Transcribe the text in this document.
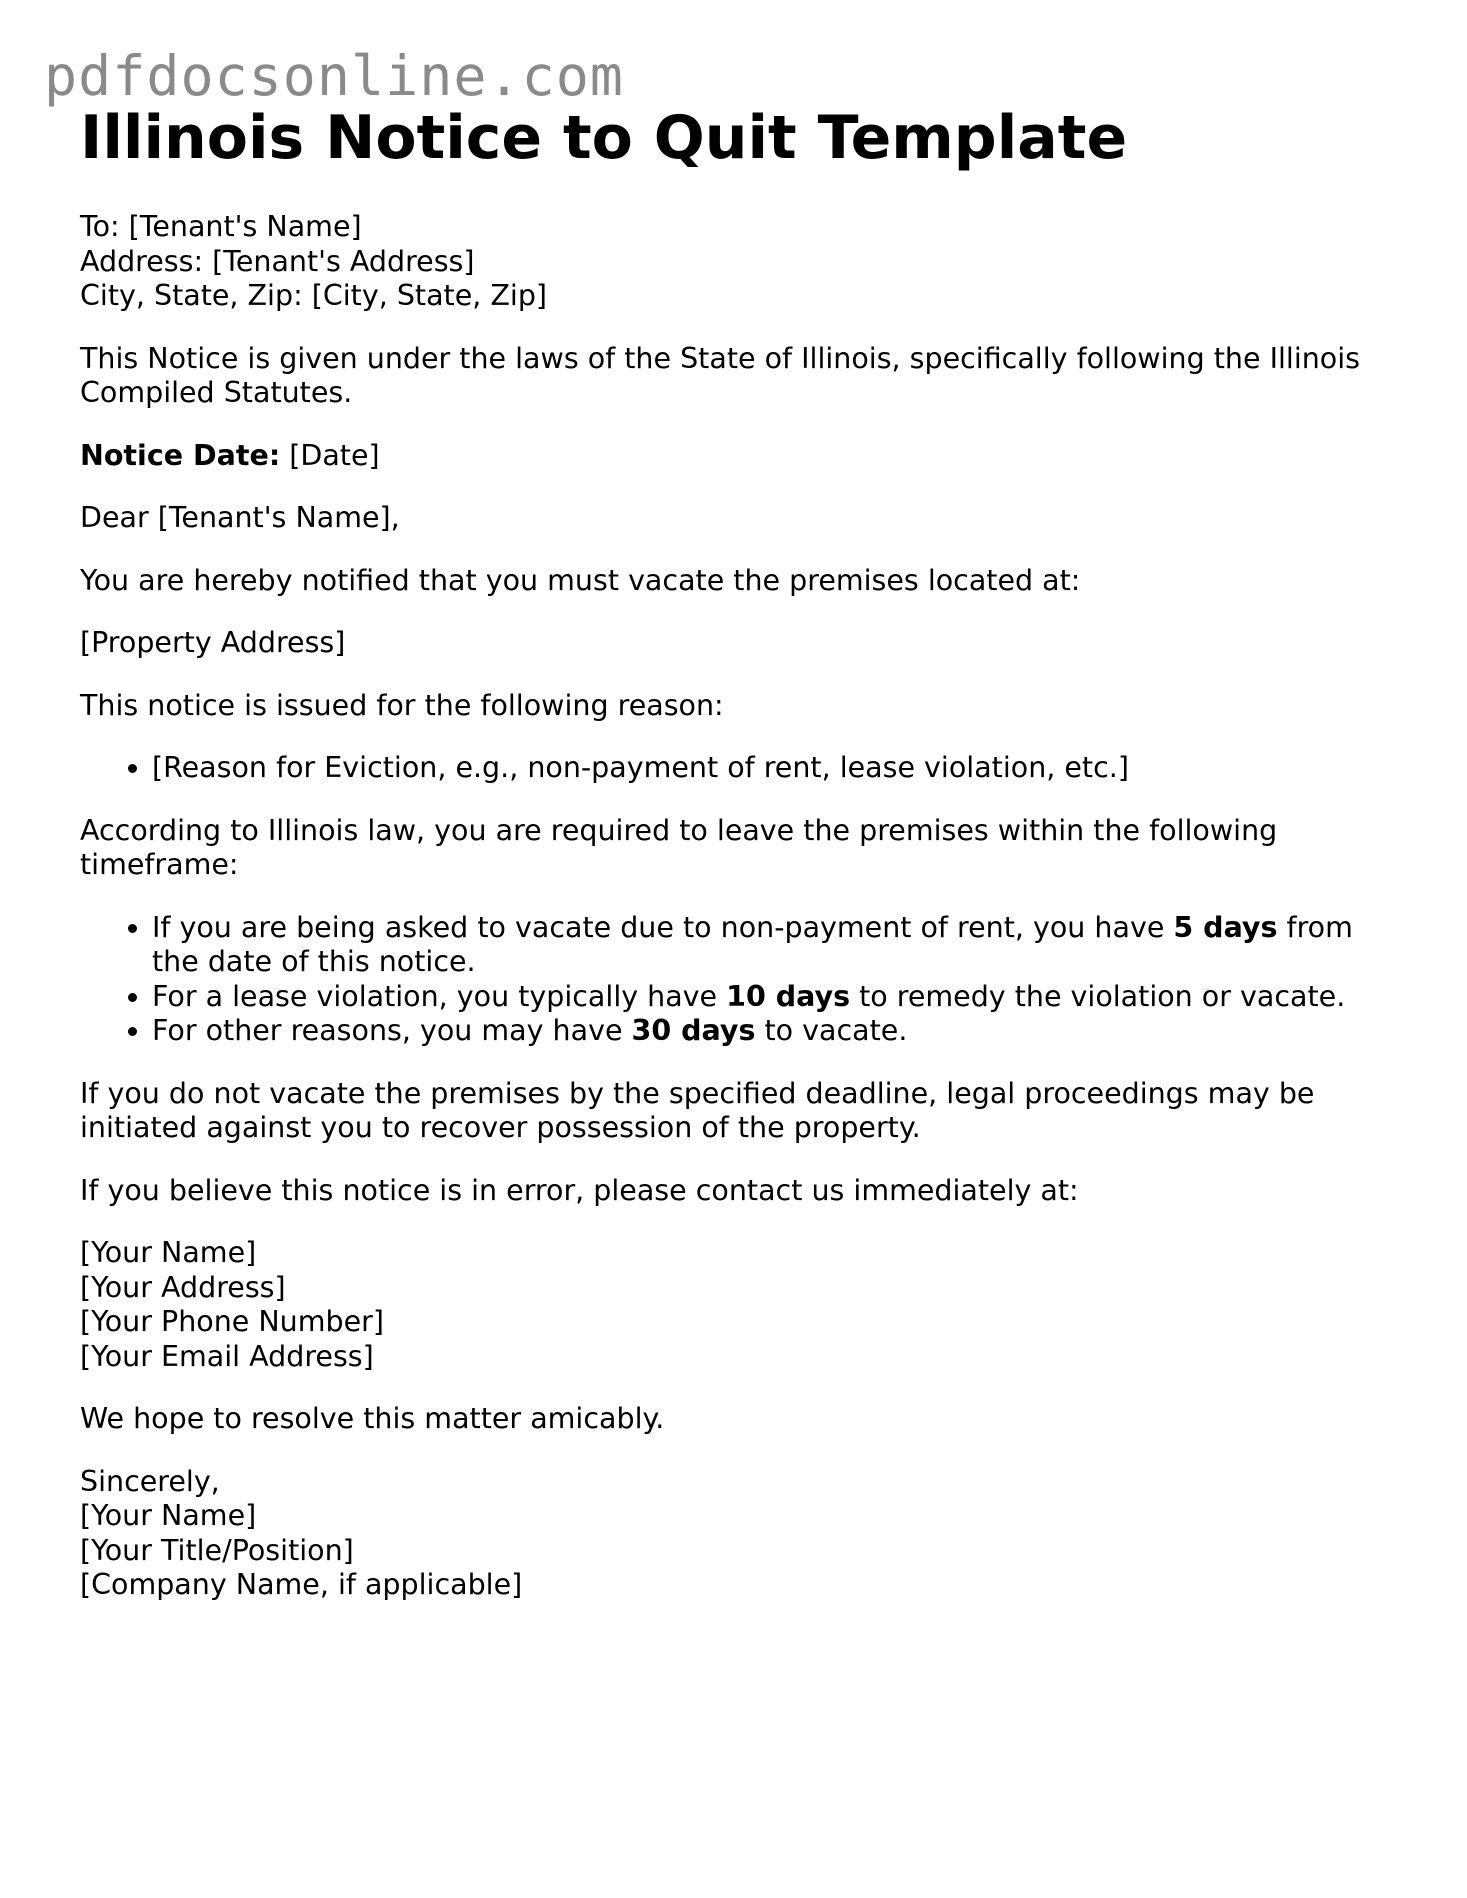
pdfdocsonline.com
Illinois Notice to Quit Template

To: [Tenant's Name]
Address: [Tenant's Address]
City, State, Zip: [City, State, Zip]

This Notice is given under the laws of the State of Illinois, specifically following the Illinois Compiled Statutes.

Notice Date: [Date]

Dear [Tenant's Name],

You are hereby notified that you must vacate the premises located at:

[Property Address]

This notice is issued for the following reason:

• [Reason for Eviction, e.g., non-payment of rent, lease violation, etc.]

According to Illinois law, you are required to leave the premises within the following timeframe:

• If you are being asked to vacate due to non-payment of rent, you have 5 days from the date of this notice.
• For a lease violation, you typically have 10 days to remedy the violation or vacate.
• For other reasons, you may have 30 days to vacate.

If you do not vacate the premises by the specified deadline, legal proceedings may be initiated against you to recover possession of the property.

If you believe this notice is in error, please contact us immediately at:

[Your Name]
[Your Address]
[Your Phone Number]
[Your Email Address]

We hope to resolve this matter amicably.

Sincerely,
[Your Name]
[Your Title/Position]
[Company Name, if applicable]
